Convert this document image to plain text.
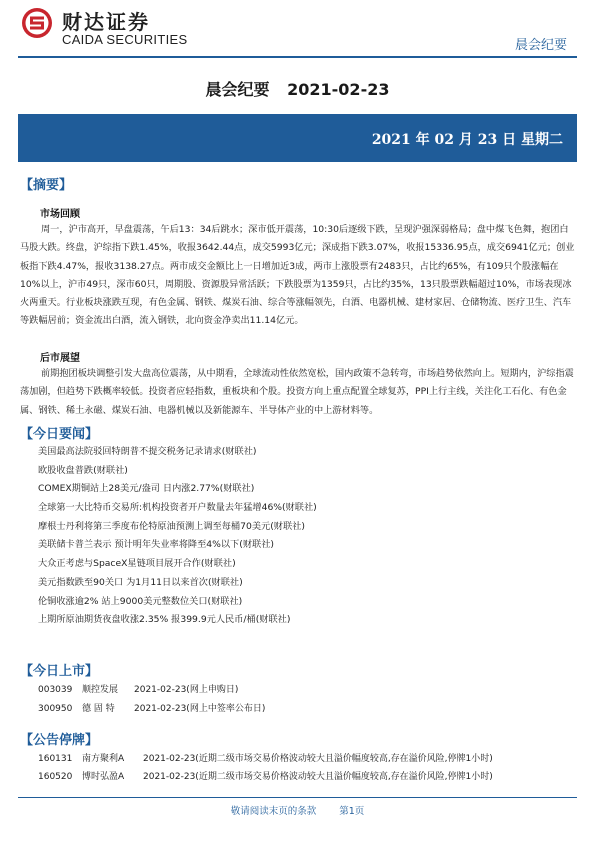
财达证券
CAIDA SECURITIES	晨会纪要
晨会纪要 2021-02-23
2021 年 02 月 23 日 星期二
【摘要】
市场回顾
周一，沪市高开，早盘震荡，午后13：34后跳水；深市低开震荡，10:30后逐级下跌，呈现沪强深弱格局；盘中煤飞色舞，抱团白马股大跌。终盘，沪综指下跌1.45%，收报3642.44点，成交5993亿元；深成指下跌3.07%，收报15336.95点，成交6941亿元；创业板指下跌4.47%，报收3138.27点。两市成交金额比上一日增加近3成，两市上涨股票有2483只，占比约65%，有109只个股涨幅在10%以上，沪市49只，深市60只，周期股、资源股异常活跃；下跌股票为1359只，占比约35%，13只股票跌幅超过10%，市场表现冰火两重天。行业板块涨跌互现，有色金属、钢铁、煤炭石油、综合等涨幅领先，白酒、电器机械、建材家居、仓储物流、医疗卫生、汽车等跌幅居前；资金流出白酒，流入钢铁，北向资金净卖出11.14亿元。
后市展望
前期抱团板块调整引发大盘高位震荡，从中期看，全球流动性依然宽松，国内政策不急转弯，市场趋势依然向上。短期内，沪综指震荡加剧，但趋势下跌概率较低。投资者应轻指数，重板块和个股。投资方向上重点配置全球复苏，PPI上行主线，关注化工石化、有色金属、钢铁、稀土永磁、煤炭石油、电器机械以及新能源车、半导体产业的中上游材料等。
【今日要闻】
美国最高法院驳回特朗普不提交税务记录请求(财联社)
欧股收盘普跌(财联社)
COMEX期铜站上28美元/盎司 日内涨2.77%(财联社)
全球第一大比特币交易所:机构投资者开户数量去年猛增46%(财联社)
摩根士丹利将第三季度布伦特原油预测上调至每桶70美元(财联社)
美联储卡普兰表示 预计明年失业率将降至4%以下(财联社)
大众正考虑与SpaceX星链项目展开合作(财联社)
美元指数跌至90关口 为1月11日以来首次(财联社)
伦铜收涨逾2% 站上9000美元整数位关口(财联社)
上期所原油期货夜盘收涨2.35% 报399.9元人民币/桶(财联社)
【今日上市】
003039 顺控发展 2021-02-23(网上申购日)
300950 德 固 特 2021-02-23(网上中签率公布日)
【公告停牌】
160131 南方聚利A 2021-02-23(近期二级市场交易价格波动较大且溢价幅度较高,存在溢价风险,停牌1小时)
160520 博时弘盈A 2021-02-23(近期二级市场交易价格波动较大且溢价幅度较高,存在溢价风险,停牌1小时)
敬请阅读末页的条款 第1页
